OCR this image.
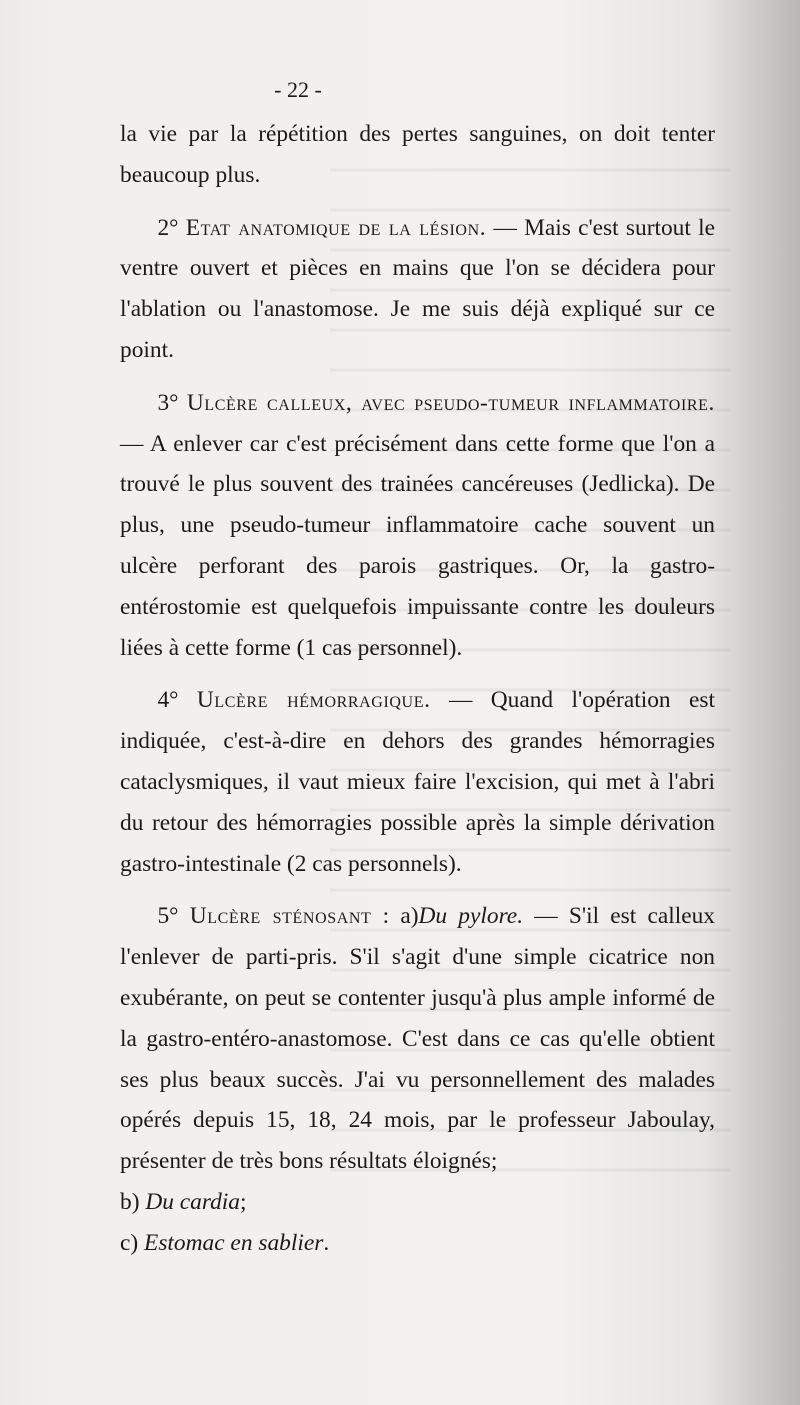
- 22 -

la vie par la répétition des pertes sanguines, on doit tenter beaucoup plus.

2° Etat anatomique de la lésion. — Mais c'est surtout le ventre ouvert et pièces en mains que l'on se décidera pour l'ablation ou l'anastomose. Je me suis déjà expliqué sur ce point.

3° Ulcère calleux, avec pseudo-tumeur inflammatoire. — A enlever car c'est précisément dans cette forme que l'on a trouvé le plus souvent des trainées cancéreuses (Jedlicka). De plus, une pseudo-tumeur inflammatoire cache souvent un ulcère perforant des parois gastriques. Or, la gastro-entérostomie est quelquefois impuissante contre les douleurs liées à cette forme (1 cas personnel).

4° Ulcère hémorragique. — Quand l'opération est indiquée, c'est-à-dire en dehors des grandes hémorragies cataclysmiques, il vaut mieux faire l'excision, qui met à l'abri du retour des hémorragies possible après la simple dérivation gastro-intestinale (2 cas personnels).

5° Ulcère sténosant : a)Du pylore. — S'il est calleux l'enlever de parti-pris. S'il s'agit d'une simple cicatrice non exubérante, on peut se contenter jusqu'à plus ample informé de la gastro-entéro-anastomose. C'est dans ce cas qu'elle obtient ses plus beaux succès. J'ai vu personnellement des malades opérés depuis 15, 18, 24 mois, par le professeur Jaboulay, présenter de très bons résultats éloignés;

b) Du cardia;

c) Estomac en sablier.
